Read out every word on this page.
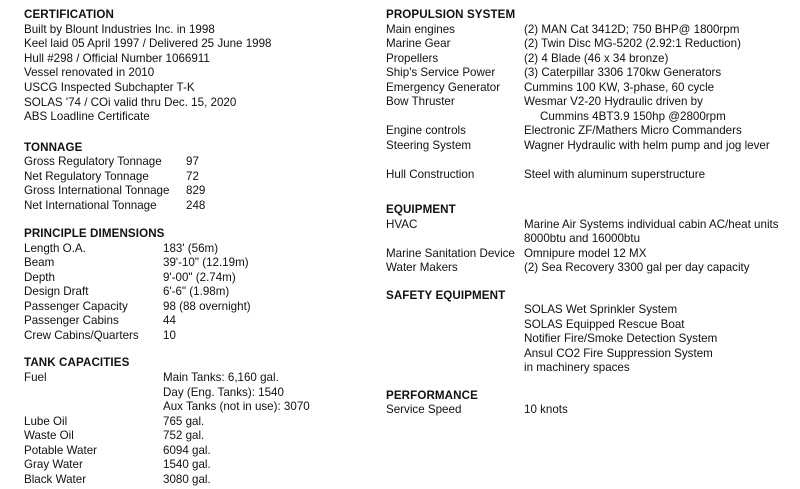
CERTIFICATION
Built by Blount Industries Inc. in 1998
Keel laid 05 April 1997 / Delivered 25 June 1998
Hull #298 / Official Number 1066911
Vessel renovated in 2010
USCG Inspected Subchapter T-K
SOLAS '74 / COi valid thru Dec. 15, 2020
ABS Loadline Certificate
TONNAGE
Gross Regulatory Tonnage 97
Net Regulatory Tonnage	72
Gross International Tonnage 829
Net International Tonnage	248
PRINCIPLE DIMENSIONS
Length O.A.	183' (56m)
Beam	39'-10" (12.19m)
Depth	9'-00" (2.74m)
Design Draft	6'-6" (1.98m)
Passenger Capacity	98 (88 overnight)
Passenger Cabins	44
Crew Cabins/Quarters 10
TANK CAPACITIES
Fuel	Main Tanks: 6,160 gal.
Day (Eng. Tanks): 1540
Aux Tanks (not in use): 3070
Lube Oil	765 gal.
Waste Oil	752 gal.
Potable Water	6094 gal.
Gray Water	1540 gal.
Black Water	3080 gal.
PROPULSION SYSTEM
Main engines	(2) MAN Cat 3412D; 750 BHP@ 1800rpm
Marine Gear	(2) Twin Disc MG-5202 (2.92:1 Reduction)
Propellers	(2) 4 Blade (46 x 34 bronze)
Ship's Service Power (3) Caterpillar 3306 170kw Generators
Emergency Generator Cummins 100 KW, 3-phase, 60 cycle
Bow Thruster	Wesmar V2-20 Hydraulic driven by
Cummins 4BT3.9 150hp @2800rpm
Engine controls	Electronic ZF/Mathers Micro Commanders
Steering System	Wagner Hydraulic with helm pump and jog lever
Hull Construction	Steel with aluminum superstructure
EQUIPMENT
HVAC	Marine Air Systems individual cabin AC/heat units
8000btu and 16000btu
Marine Sanitation Device Omnipure model 12 MX
Water Makers	(2) Sea Recovery 3300 gal per day capacity
SAFETY EQUIPMENT
SOLAS Wet Sprinkler System
SOLAS Equipped Rescue Boat
Notifier Fire/Smoke Detection System
Ansul CO2 Fire Suppression System
in machinery spaces
PERFORMANCE
Service Speed	10 knots
